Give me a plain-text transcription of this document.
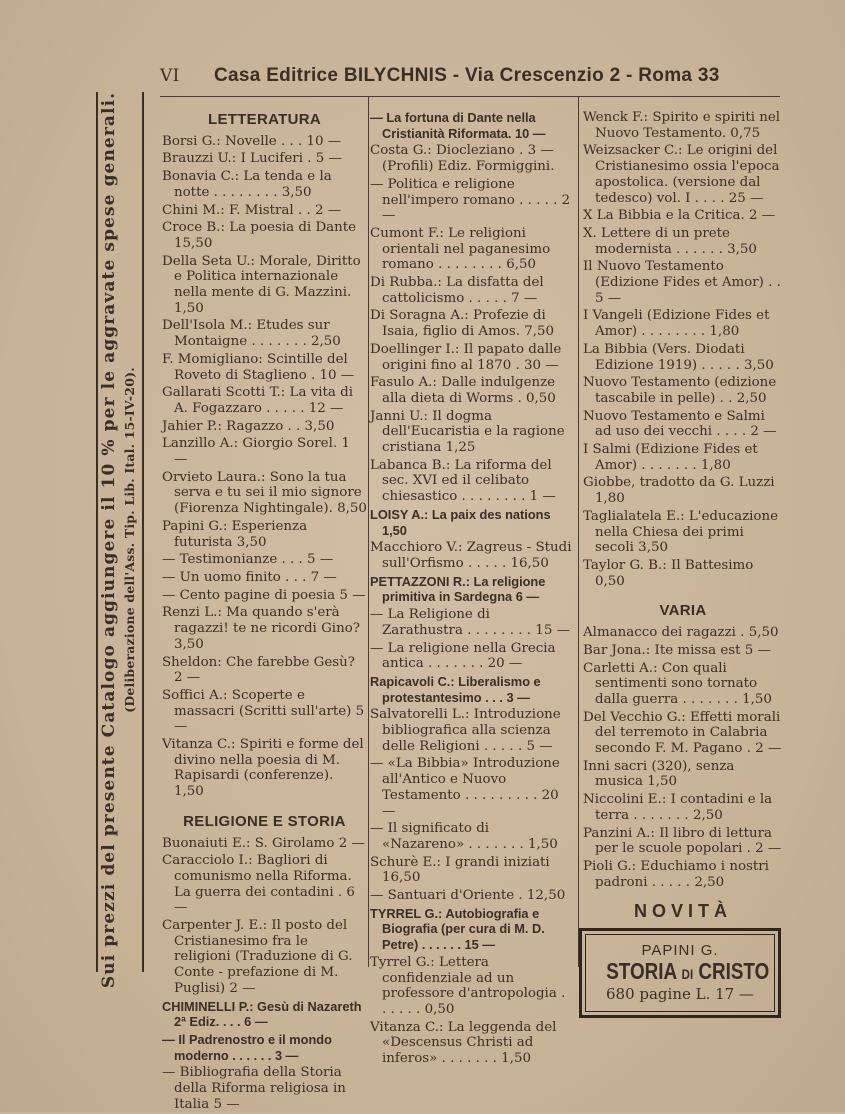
VI	Casa Editrice BILYCHNIS - Via Crescenzio 2 - Roma 33
Sui prezzi del presente Catalogo aggiungere il 10 % per le aggravate spese generali. (Deliberazione dell'Ass. Tip. Lib. Ital. 15-IV-20).
LETTERATURA
Borsi G.: Novelle . . . 10 —
Brauzzi U.: I Luciferi . 5 —
Bonavia C.: La tenda e la notte . . . . . . . . 3,50
Chini M.: F. Mistral . . 2 —
Croce B.: La poesia di Dante 15,50
Della Seta U.: Morale, Diritto e Politica internazionale nella mente di G. Mazzini. 1,50
Dell'Isola M.: Etudes sur Montaigne . . . . . . . 2,50
F. Momigliano: Scintille del Roveto di Staglieno . 10 —
Gallarati Scotti T.: La vita di A. Fogazzaro . . . . . 12 —
Jahier P.: Ragazzo . . 3,50
Lanzillo A.: Giorgio Sorel. 1 —
Orvieto Laura.: Sono la tua serva e tu sei il mio signore (Fiorenza Nightingale). 8,50
Papini G.: Esperienza futurista 3,50
— Testimonianze . . . 5 —
— Un uomo finito . . . 7 —
— Cento pagine di poesia 5 —
Renzi L.: Ma quando s'erà ragazzi! te ne ricordi Gino? 3,50
Sheldon: Che farebbe Gesù? 2 —
Soffici A.: Scoperte e massacri (Scritti sull'arte) 5 —
Vitanza C.: Spiriti e forme del divino nella poesia di M. Rapisardi (conferenze). 1,50
RELIGIONE E STORIA
Buonaiuti E.: S. Girolamo 2 —
Caracciolo I.: Bagliori di comunismo nella Riforma. La guerra dei contadini . 6 —
Carpenter J. E.: Il posto del Cristianesimo fra le religioni (Traduzione di G. Conte - prefazione di M. Puglisi) 2 —
CHIMINELLI P.: Gesù di Nazareth 2ª Ediz. . . . 6 —
— Il Padrenostro e il mondo moderno . . . . . . 3 —
— Bibliografia della Storia della Riforma religiosa in Italia 5 —
— La fortuna di Dante nella Cristianità Riformata. 10 —
Costa G.: Diocleziano . 3 — (Profili) Ediz. Formiggini.
— Politica e religione nell'impero romano . . . . . 2 —
Cumont F.: Le religioni orientali nel paganesimo romano . . . . . . . . 6,50
Di Rubba.: La disfatta del cattolicismo . . . . . 7 —
Di Soragna A.: Profezie di Isaia, figlio di Amos. 7,50
Doellinger I.: Il papato dalle origini fino al 1870 . 30 —
Fasulo A.: Dalle indulgenze alla dieta di Worms . 0,50
Janni U.: Il dogma dell'Eucaristia e la ragione cristiana 1,25
Labanca B.: La riforma del sec. XVI ed il celibato chiesastico . . . . . . . . 1 —
LOISY A.: La paix des nations 1,50
Macchioro V.: Zagreus - Studi sull'Orfismo . . . . . 16,50
PETTAZZONI R.: La religione primitiva in Sardegna 6 —
— La Religione di Zarathustra . . . . . . . . 15 —
— La religione nella Grecia antica . . . . . . . 20 —
Rapicavoli C.: Liberalismo e protestantesimo . . . 3 —
Salvatorelli L.: Introduzione bibliografica alla scienza delle Religioni . . . . . 5 —
— «La Bibbia» Introduzione all'Antico e Nuovo Testamento . . . . . . . . . 20 —
— Il significato di «Nazareno» . . . . . . . 1,50
Schurè E.: I grandi iniziati 16,50
— Santuari d'Oriente . 12,50
TYRREL G.: Autobiografia e Biografia (per cura di M. D. Petre) . . . . . . 15 —
Tyrrel G.: Lettera confidenziale ad un professore d'antropologia . . . . . . 0,50
Vitanza C.: La leggenda del «Descensus Christi ad inferos» . . . . . . . 1,50
Wenck F.: Spirito e spiriti nel Nuovo Testamento. 0,75
Weizsacker C.: Le origini del Cristianesimo ossia l'epoca apostolica. (versione dal tedesco) vol. I . . . . 25 —
X La Bibbia e la Critica. 2 —
X. Lettere di un prete modernista . . . . . . 3,50
Il Nuovo Testamento (Edizione Fides et Amor) . . 5 —
I Vangeli (Edizione Fides et Amor) . . . . . . . . 1,80
La Bibbia (Vers. Diodati Edizione 1919) . . . . . 3,50
Nuovo Testamento (edizione tascabile in pelle) . . 2,50
Nuovo Testamento e Salmi ad uso dei vecchi . . . . 2 —
I Salmi (Edizione Fides et Amor) . . . . . . . 1,80
Giobbe, tradotto da G. Luzzi 1,80
Taglialatela E.: L'educazione nella Chiesa dei primi secoli 3,50
Taylor G. B.: Il Battesimo 0,50
VARIA
Almanacco dei ragazzi . 5,50
Bar Jona.: Ite missa est 5 —
Carletti A.: Con quali sentimenti sono tornato dalla guerra . . . . . . . 1,50
Del Vecchio G.: Effetti morali del terremoto in Calabria secondo F. M. Pagano . 2 —
Inni sacri (320), senza musica 1,50
Niccolini E.: I contadini e la terra . . . . . . . 2,50
Panzini A.: Il libro di lettura per le scuole popolari . 2 —
Pioli G.: Educhiamo i nostri padroni . . . . . 2,50
NOVITÀ
PAPINI G.
STORIA DI CRISTO
680 pagine L. 17 —
